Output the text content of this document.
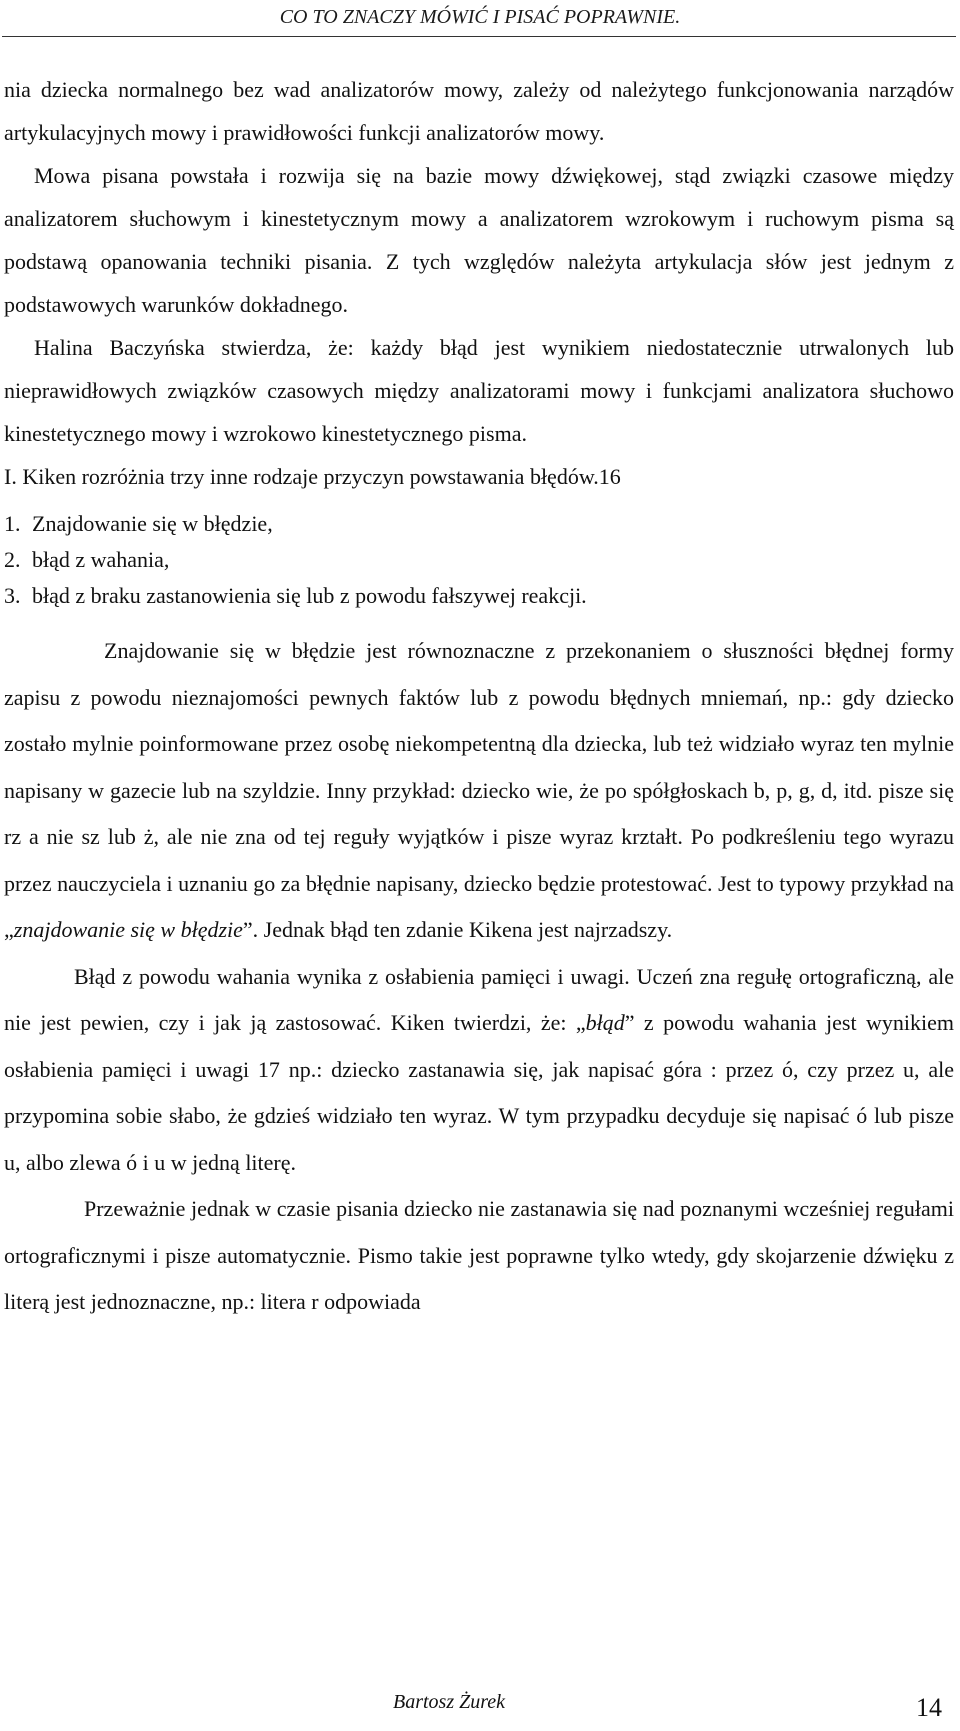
CO TO ZNACZY MÓWIĆ I PISAĆ POPRAWNIE.

nia dziecka normalnego bez wad analizatorów mowy, zależy od należytego funkcjonowania narządów artykulacyjnych mowy i prawidłowości funkcji analizatorów mowy.

Mowa pisana powstała i rozwija się na bazie mowy dźwiękowej, stąd związki czasowe między analizatorem słuchowym i kinestetycznym mowy a analizatorem wzrokowym i ruchowym pisma są podstawą opanowania techniki pisania. Z tych względów należyta artykulacja słów jest jednym z podstawowych warunków dokładnego.

Halina Baczyńska stwierdza, że: każdy błąd jest wynikiem niedostatecznie utrwalonych lub nieprawidłowych związków czasowych między analizatorami mowy i funkcjami analizatora słuchowo kinestetycznego mowy i wzrokowo kinestetycznego pisma.

I. Kiken rozróżnia trzy inne rodzaje przyczyn powstawania błędów.16

1. Znajdowanie się w błędzie,
2. błąd z wahania,
3. błąd z braku zastanowienia się lub z powodu fałszywej reakcji.

Znajdowanie się w błędzie jest równoznaczne z przekonaniem o słuszności błędnej formy zapisu z powodu nieznajomości pewnych faktów lub z powodu błędnych mniemań, np.: gdy dziecko zostało mylnie poinformowane przez osobę niekompetentną dla dziecka, lub też widziało wyraz ten mylnie napisany w gazecie lub na szyldzie. Inny przykład: dziecko wie, że po spółgłoskach b, p, g, d, itd. pisze się rz a nie sz lub ż, ale nie zna od tej reguły wyjątków i pisze wyraz krztałt. Po podkreśleniu tego wyrazu przez nauczyciela i uznaniu go za błędnie napisany, dziecko będzie protestować. Jest to typowy przykład na „znajdowanie się w błędzie”. Jednak błąd ten zdanie Kikena jest najrzadszy.

Błąd z powodu wahania wynika z osłabienia pamięci i uwagi. Uczeń zna regułę ortograficzną, ale nie jest pewien, czy i jak ją zastosować. Kiken twierdzi, że: „błąd” z powodu wahania jest wynikiem osłabienia pamięci i uwagi 17 np.: dziecko zastanawia się, jak napisać góra : przez ó, czy przez u, ale przypomina sobie słabo, że gdzieś widziało ten wyraz. W tym przypadku decyduje się napisać ó lub pisze u, albo zlewa ó i u w jedną literę.

Przeważnie jednak w czasie pisania dziecko nie zastanawia się nad poznanymi wcześniej regułami ortograficznymi i pisze automatycznie. Pismo takie jest poprawne tylko wtedy, gdy skojarzenie dźwięku z literą jest jednoznaczne, np.: litera r odpowiada

Bartosz Żurek	14
